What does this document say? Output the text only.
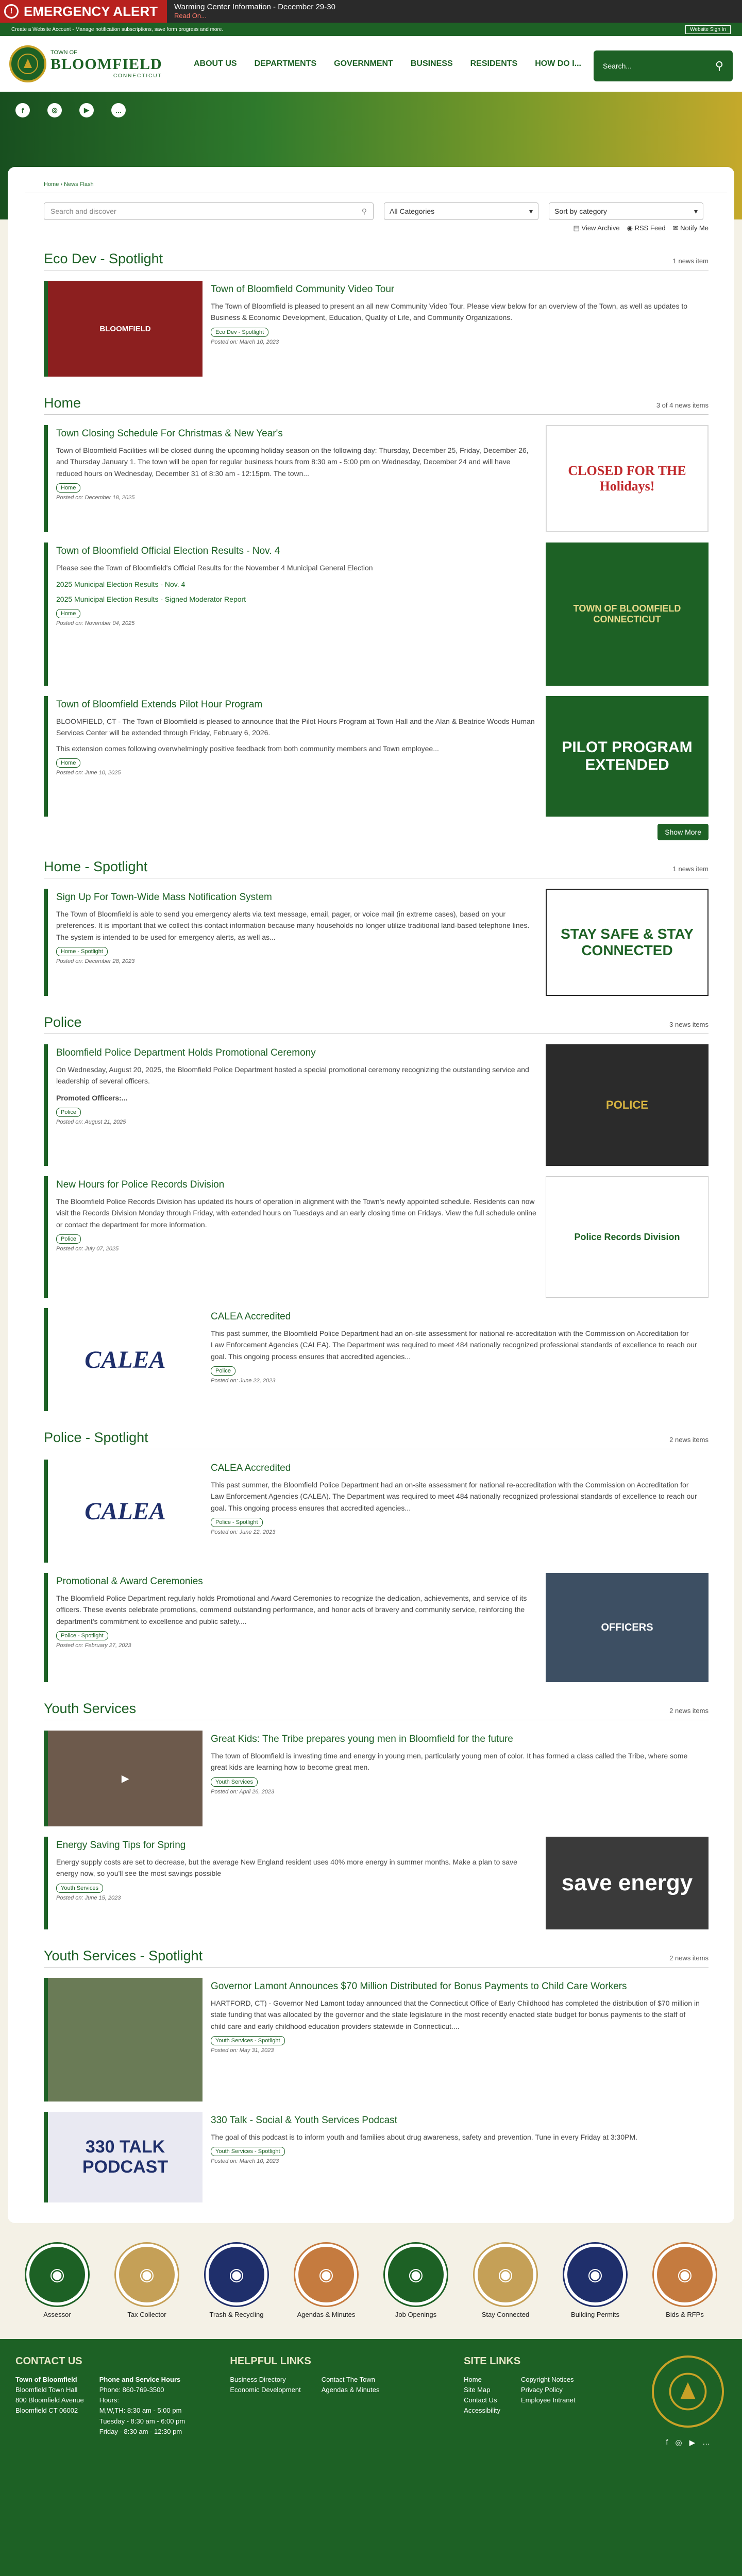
! EMERGENCY ALERT Warming Center Information - December 29-30
Read On...
Create a Website Account - Manage notification subscriptions, save form progress and more.	Website Sign In
TOWN OF
BLOOMFIELD
CONNECTICUT
ABOUT US DEPARTMENTS GOVERNMENT BUSINESS RESIDENTS HOW DO I...	Search...	⚲
f	◎	▶	…
Home › News Flash
Search and discover	⚲	All Categories	▾	Sort by category	▾
▤ View Archive ◉ RSS Feed ✉ Notify Me
Eco Dev - Spotlight	1 news item
BLOOMFIELD
Town of Bloomfield Community Video Tour
The Town of Bloomfield is pleased to present an all new Community Video Tour. Please view below for an overview of the Town, as well as updates to Business & Economic Development, Education, Quality of Life, and Community Organizations.
Eco Dev - Spotlight
Posted on: March 10, 2023
Home	3 of 4 news items
Town Closing Schedule For Christmas & New Year's
Town of Bloomfield Facilities will be closed during the upcoming holiday season on the following day: Thursday, December 25, Friday, December 26, and Thursday January 1. The town will be open for regular business hours from 8:30 am - 5:00 pm on Wednesday, December 24 and will have reduced hours on Wednesday, December 31 of 8:30 am - 12:15pm. The town...
Home
Posted on: December 18, 2025
CLOSED FOR THE Holidays!
Town of Bloomfield Official Election Results - Nov. 4
Please see the Town of Bloomfield's Official Results for the November 4 Municipal General Election
2025 Municipal Election Results - Nov. 4
2025 Municipal Election Results - Signed Moderator Report
Home
Posted on: November 04, 2025
TOWN OF BLOOMFIELD CONNECTICUT
Town of Bloomfield Extends Pilot Hour Program
BLOOMFIELD, CT - The Town of Bloomfield is pleased to announce that the Pilot Hours Program at Town Hall and the Alan & Beatrice Woods Human Services Center will be extended through Friday, February 6, 2026.
This extension comes following overwhelmingly positive feedback from both community members and Town employee...
Home
Posted on: June 10, 2025
PILOT PROGRAM EXTENDED
Show More
Home - Spotlight	1 news item
Sign Up For Town-Wide Mass Notification System
The Town of Bloomfield is able to send you emergency alerts via text message, email, pager, or voice mail (in extreme cases), based on your preferences. It is important that we collect this contact information because many households no longer utilize traditional land-based telephone lines. The system is intended to be used for emergency alerts, as well as...
Home - Spotlight
Posted on: December 28, 2023
STAY SAFE & STAY CONNECTED
Police	3 news items
Bloomfield Police Department Holds Promotional Ceremony
On Wednesday, August 20, 2025, the Bloomfield Police Department hosted a special promotional ceremony recognizing the outstanding service and leadership of several officers.
Promoted Officers:...
Police
Posted on: August 21, 2025
POLICE
New Hours for Police Records Division
The Bloomfield Police Records Division has updated its hours of operation in alignment with the Town's newly appointed schedule. Residents can now visit the Records Division Monday through Friday, with extended hours on Tuesdays and an early closing time on Fridays. View the full schedule online or contact the department for more information.
Police
Posted on: July 07, 2025
Police Records Division
CALEA
CALEA Accredited
This past summer, the Bloomfield Police Department had an on-site assessment for national re-accreditation with the Commission on Accreditation for Law Enforcement Agencies (CALEA). The Department was required to meet 484 nationally recognized professional standards of excellence to reach our goal. This ongoing process ensures that accredited agencies...
Police
Posted on: June 22, 2023
Police - Spotlight	2 news items
CALEA
CALEA Accredited
This past summer, the Bloomfield Police Department had an on-site assessment for national re-accreditation with the Commission on Accreditation for Law Enforcement Agencies (CALEA). The Department was required to meet 484 nationally recognized professional standards of excellence to reach our goal. This ongoing process ensures that accredited agencies...
Police - Spotlight
Posted on: June 22, 2023
Promotional & Award Ceremonies
The Bloomfield Police Department regularly holds Promotional and Award Ceremonies to recognize the dedication, achievements, and service of its officers. These events celebrate promotions, commend outstanding performance, and honor acts of bravery and community service, reinforcing the department's commitment to excellence and public safety....
Police - Spotlight
Posted on: February 27, 2023
OFFICERS
Youth Services	2 news items
▶
Great Kids: The Tribe prepares young men in Bloomfield for the future
The town of Bloomfield is investing time and energy in young men, particularly young men of color. It has formed a class called the Tribe, where some great kids are learning how to become great men.
Youth Services
Posted on: April 26, 2023
Energy Saving Tips for Spring
Energy supply costs are set to decrease, but the average New England resident uses 40% more energy in summer months. Make a plan to save energy now, so you'll see the most savings possible
Youth Services
Posted on: June 15, 2023
save energy
Youth Services - Spotlight	2 news items
Governor Lamont Announces $70 Million Distributed for Bonus Payments to Child Care Workers
HARTFORD, CT) - Governor Ned Lamont today announced that the Connecticut Office of Early Childhood has completed the distribution of $70 million in state funding that was allocated by the governor and the state legislature in the most recently enacted state budget for bonus payments to the staff of child care and early childhood education providers statewide in Connecticut....
Youth Services - Spotlight
Posted on: May 31, 2023
330 TALK PODCAST
330 Talk - Social & Youth Services Podcast
The goal of this podcast is to inform youth and families about drug awareness, safety and prevention. Tune in every Friday at 3:30PM.
Youth Services - Spotlight
Posted on: March 10, 2023
◉
Assessor
◉
Tax Collector
◉
Trash & Recycling
◉
Agendas & Minutes
◉
Job Openings
◉
Stay Connected
◉
Building Permits
◉
Bids & RFPs
CONTACT US
Town of Bloomfield
Bloomfield Town Hall
800 Bloomfield Avenue
Bloomfield CT 06002
Phone and Service Hours
Phone: 860-769-3500
Hours:
M,W,TH: 8:30 am - 5:00 pm
Tuesday - 8:30 am - 6:00 pm
Friday - 8:30 am - 12:30 pm
HELPFUL LINKS
Business Directory
Economic Development
Contact The Town
Agendas & Minutes
SITE LINKS
Home
Site Map
Contact Us
Accessibility
Copyright Notices
Privacy Policy
Employee Intranet
f ◎ ▶ …
